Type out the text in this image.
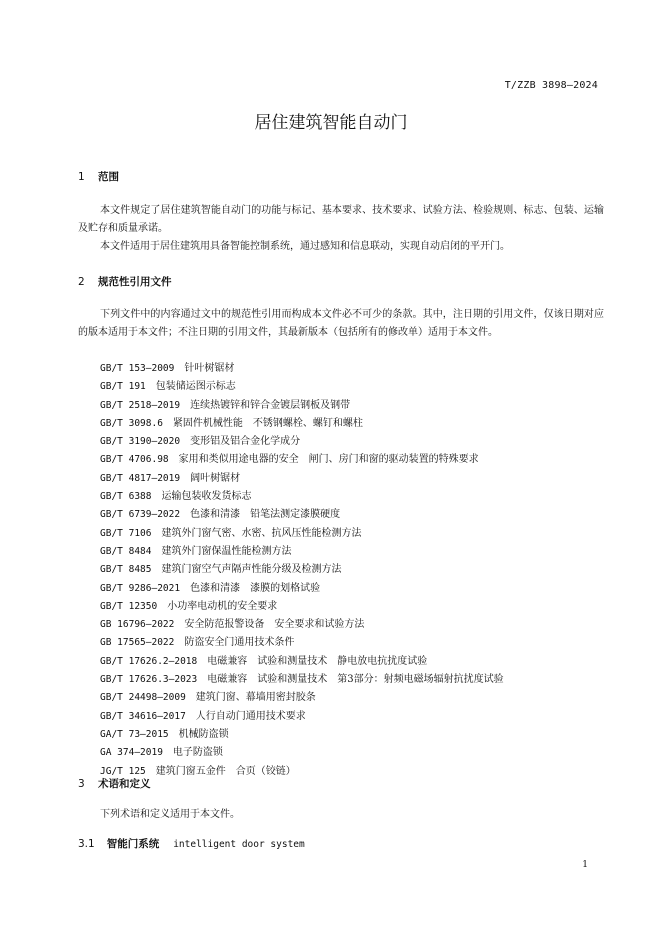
T/ZZB 3898—2024
居住建筑智能自动门
1 范围
本文件规定了居住建筑智能自动门的功能与标记、基本要求、技术要求、试验方法、检验规则、标志、包装、运输及贮存和质量承诺。
本文件适用于居住建筑用具备智能控制系统，通过感知和信息联动，实现自动启闭的平开门。
2 规范性引用文件
下列文件中的内容通过文中的规范性引用而构成本文件必不可少的条款。其中，注日期的引用文件，仅该日期对应的版本适用于本文件；不注日期的引用文件，其最新版本（包括所有的修改单）适用于本文件。
GB/T 153—2009 针叶树锯材
GB/T 191 包装储运图示标志
GB/T 2518—2019 连续热镀锌和锌合金镀层钢板及钢带
GB/T 3098.6 紧固件机械性能　不锈钢螺栓、螺钉和螺柱
GB/T 3190—2020 变形铝及铝合金化学成分
GB/T 4706.98 家用和类似用途电器的安全　闸门、房门和窗的驱动装置的特殊要求
GB/T 4817—2019 阔叶树锯材
GB/T 6388 运输包装收发货标志
GB/T 6739—2022 色漆和清漆　铅笔法测定漆膜硬度
GB/T 7106 建筑外门窗气密、水密、抗风压性能检测方法
GB/T 8484 建筑外门窗保温性能检测方法
GB/T 8485 建筑门窗空气声隔声性能分级及检测方法
GB/T 9286—2021 色漆和清漆　漆膜的划格试验
GB/T 12350 小功率电动机的安全要求
GB 16796—2022 安全防范报警设备　安全要求和试验方法
GB 17565—2022 防盗安全门通用技术条件
GB/T 17626.2—2018 电磁兼容　试验和测量技术　静电放电抗扰度试验
GB/T 17626.3—2023 电磁兼容　试验和测量技术　第3部分：射频电磁场辐射抗扰度试验
GB/T 24498—2009 建筑门窗、幕墙用密封胶条
GB/T 34616—2017 人行自动门通用技术要求
GA/T 73—2015 机械防盗锁
GA 374—2019 电子防盗锁
JG/T 125 建筑门窗五金件　合页（铰链）
3 术语和定义
下列术语和定义适用于本文件。
3.1 智能门系统 intelligent door system
1
